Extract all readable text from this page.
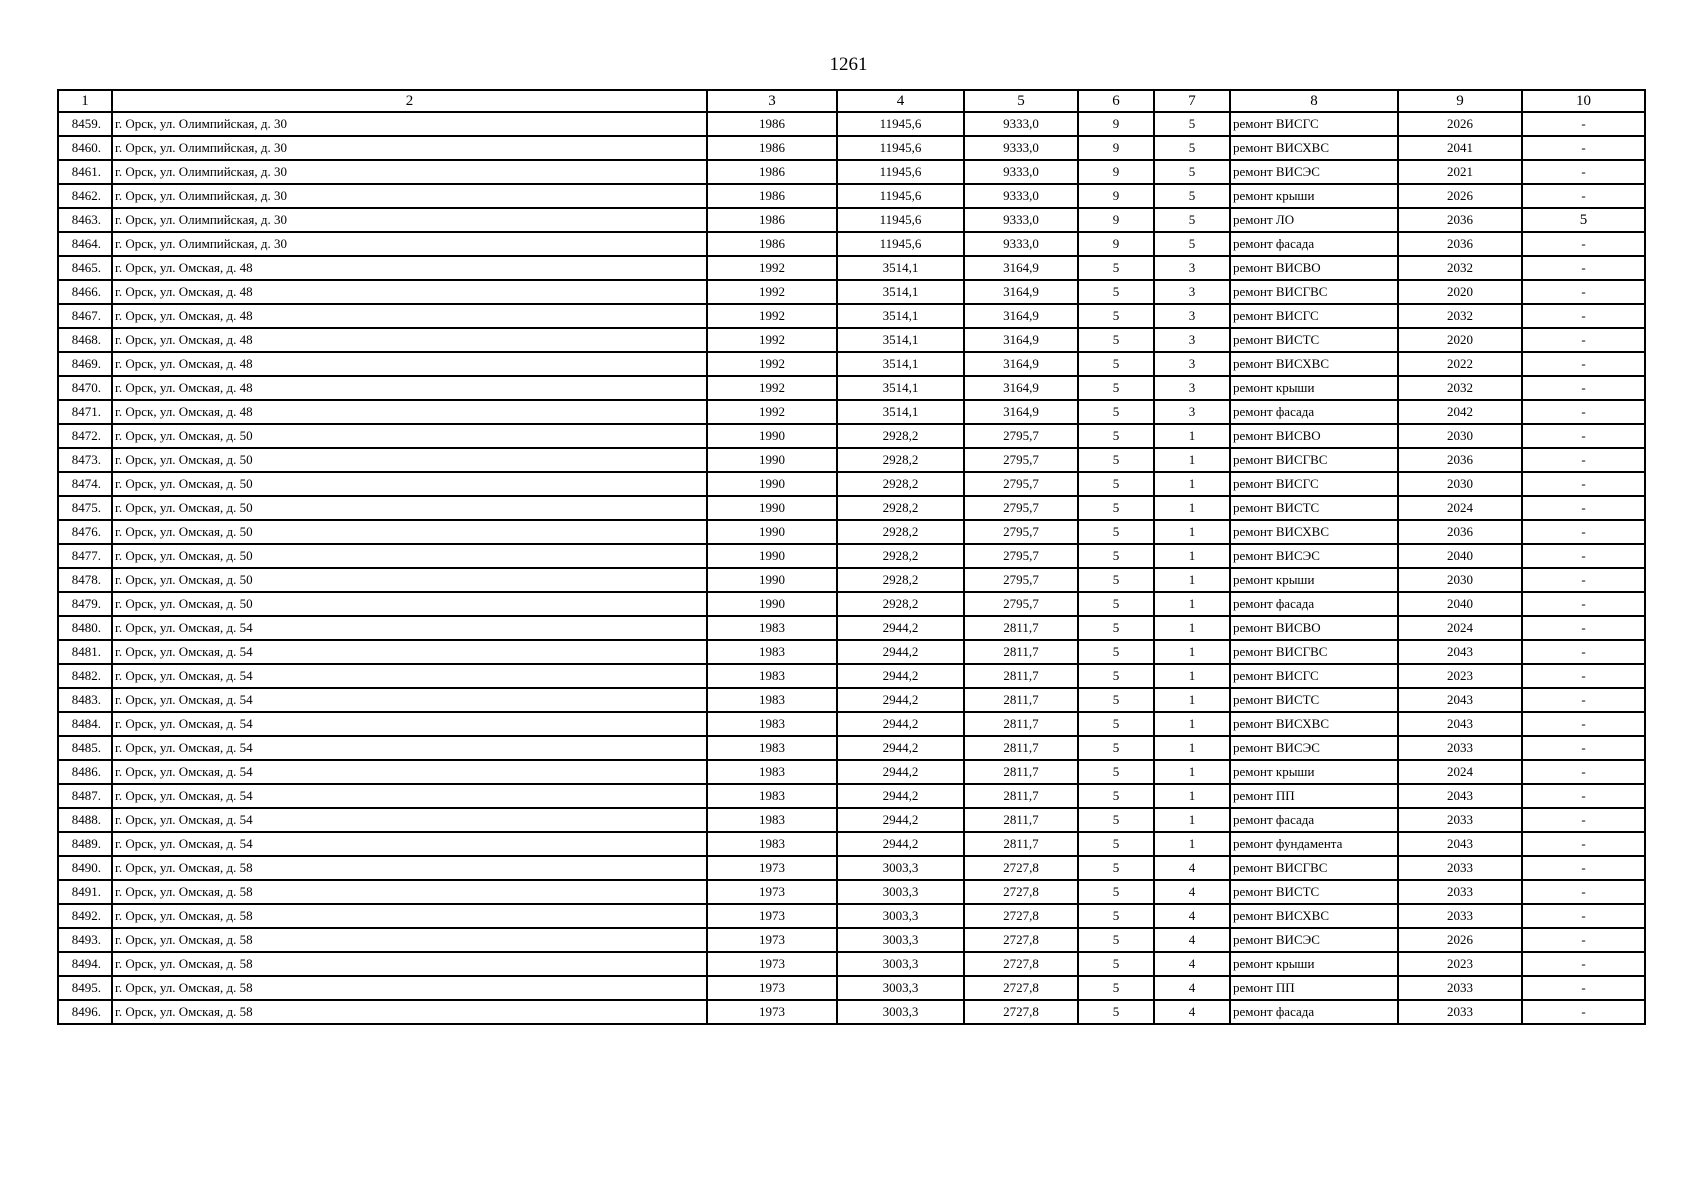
1261
1	2	3	4	5	6	7	8	9	10
8459.	г. Орск, ул. Олимпийская, д. 30	1986	11945,6	9333,0	9	5	ремонт ВИСГС	2026	-
8460.	г. Орск, ул. Олимпийская, д. 30	1986	11945,6	9333,0	9	5	ремонт ВИСХВС	2041	-
8461.	г. Орск, ул. Олимпийская, д. 30	1986	11945,6	9333,0	9	5	ремонт ВИСЭС	2021	-
8462.	г. Орск, ул. Олимпийская, д. 30	1986	11945,6	9333,0	9	5	ремонт крыши	2026	-
8463.	г. Орск, ул. Олимпийская, д. 30	1986	11945,6	9333,0	9	5	ремонт ЛО	2036	5
8464.	г. Орск, ул. Олимпийская, д. 30	1986	11945,6	9333,0	9	5	ремонт фасада	2036	-
8465.	г. Орск, ул. Омская, д. 48	1992	3514,1	3164,9	5	3	ремонт ВИСВО	2032	-
8466.	г. Орск, ул. Омская, д. 48	1992	3514,1	3164,9	5	3	ремонт ВИСГВС	2020	-
8467.	г. Орск, ул. Омская, д. 48	1992	3514,1	3164,9	5	3	ремонт ВИСГС	2032	-
8468.	г. Орск, ул. Омская, д. 48	1992	3514,1	3164,9	5	3	ремонт ВИСТС	2020	-
8469.	г. Орск, ул. Омская, д. 48	1992	3514,1	3164,9	5	3	ремонт ВИСХВС	2022	-
8470.	г. Орск, ул. Омская, д. 48	1992	3514,1	3164,9	5	3	ремонт крыши	2032	-
8471.	г. Орск, ул. Омская, д. 48	1992	3514,1	3164,9	5	3	ремонт фасада	2042	-
8472.	г. Орск, ул. Омская, д. 50	1990	2928,2	2795,7	5	1	ремонт ВИСВО	2030	-
8473.	г. Орск, ул. Омская, д. 50	1990	2928,2	2795,7	5	1	ремонт ВИСГВС	2036	-
8474.	г. Орск, ул. Омская, д. 50	1990	2928,2	2795,7	5	1	ремонт ВИСГС	2030	-
8475.	г. Орск, ул. Омская, д. 50	1990	2928,2	2795,7	5	1	ремонт ВИСТС	2024	-
8476.	г. Орск, ул. Омская, д. 50	1990	2928,2	2795,7	5	1	ремонт ВИСХВС	2036	-
8477.	г. Орск, ул. Омская, д. 50	1990	2928,2	2795,7	5	1	ремонт ВИСЭС	2040	-
8478.	г. Орск, ул. Омская, д. 50	1990	2928,2	2795,7	5	1	ремонт крыши	2030	-
8479.	г. Орск, ул. Омская, д. 50	1990	2928,2	2795,7	5	1	ремонт фасада	2040	-
8480.	г. Орск, ул. Омская, д. 54	1983	2944,2	2811,7	5	1	ремонт ВИСВО	2024	-
8481.	г. Орск, ул. Омская, д. 54	1983	2944,2	2811,7	5	1	ремонт ВИСГВС	2043	-
8482.	г. Орск, ул. Омская, д. 54	1983	2944,2	2811,7	5	1	ремонт ВИСГС	2023	-
8483.	г. Орск, ул. Омская, д. 54	1983	2944,2	2811,7	5	1	ремонт ВИСТС	2043	-
8484.	г. Орск, ул. Омская, д. 54	1983	2944,2	2811,7	5	1	ремонт ВИСХВС	2043	-
8485.	г. Орск, ул. Омская, д. 54	1983	2944,2	2811,7	5	1	ремонт ВИСЭС	2033	-
8486.	г. Орск, ул. Омская, д. 54	1983	2944,2	2811,7	5	1	ремонт крыши	2024	-
8487.	г. Орск, ул. Омская, д. 54	1983	2944,2	2811,7	5	1	ремонт ПП	2043	-
8488.	г. Орск, ул. Омская, д. 54	1983	2944,2	2811,7	5	1	ремонт фасада	2033	-
8489.	г. Орск, ул. Омская, д. 54	1983	2944,2	2811,7	5	1	ремонт фундамента	2043	-
8490.	г. Орск, ул. Омская, д. 58	1973	3003,3	2727,8	5	4	ремонт ВИСГВС	2033	-
8491.	г. Орск, ул. Омская, д. 58	1973	3003,3	2727,8	5	4	ремонт ВИСТС	2033	-
8492.	г. Орск, ул. Омская, д. 58	1973	3003,3	2727,8	5	4	ремонт ВИСХВС	2033	-
8493.	г. Орск, ул. Омская, д. 58	1973	3003,3	2727,8	5	4	ремонт ВИСЭС	2026	-
8494.	г. Орск, ул. Омская, д. 58	1973	3003,3	2727,8	5	4	ремонт крыши	2023	-
8495.	г. Орск, ул. Омская, д. 58	1973	3003,3	2727,8	5	4	ремонт ПП	2033	-
8496.	г. Орск, ул. Омская, д. 58	1973	3003,3	2727,8	5	4	ремонт фасада	2033	-
